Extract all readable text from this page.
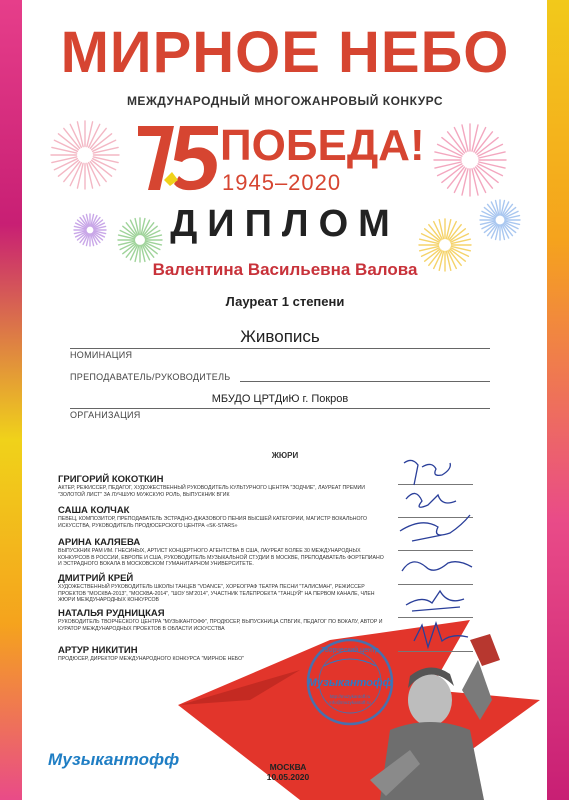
МИРНОЕ НЕБО
МЕЖДУНАРОДНЫЙ МНОГОЖАНРОВЫЙ КОНКУРС
ПОБЕДА!
1945–2020
ДИПЛОМ
Валентина Васильевна Валова
Лауреат 1 степени
Живопись
НОМИНАЦИЯ
ПРЕПОДАВАТЕЛЬ/РУКОВОДИТЕЛЬ
МБУДО ЦРТДиЮ г. Покров
ОРГАНИЗАЦИЯ
ЖЮРИ
ГРИГОРИЙ КОКОТКИН
АКТЕР, РЕЖИССЕР, ПЕДАГОГ, ХУДОЖЕСТВЕННЫЙ РУКОВОДИТЕЛЬ КУЛЬТУРНОГО ЦЕНТРА "ЗОДЧИЕ", ЛАУРЕАТ ПРЕМИИ "ЗОЛОТОЙ ЛИСТ" ЗА ЛУЧШУЮ МУЖСКУЮ РОЛЬ, ВЫПУСКНИК ВГИК
САША КОЛЧАК
ПЕВЕЦ, КОМПОЗИТОР, ПРЕПОДАВАТЕЛЬ ЭСТРАДНО-ДЖАЗОВОГО ПЕНИЯ ВЫСШЕЙ КАТЕГОРИИ, МАГИСТР ВОКАЛЬНОГО ИСКУССТВА, РУКОВОДИТЕЛЬ ПРОДЮСЕРСКОГО ЦЕНТРА «SK-STARS»
АРИНА КАЛЯЕВА
ВЫПУСКНИК РАМ ИМ. ГНЕСИНЫХ, АРТИСТ КОНЦЕРТНОГО АГЕНТСТВА В США, ЛАУРЕАТ БОЛЕЕ 30 МЕЖДУНАРОДНЫХ КОНКУРСОВ В РОССИИ, ЕВРОПЕ И США, РУКОВОДИТЕЛЬ МУЗЫКАЛЬНОЙ СТУДИИ В МОСКВЕ, ПРЕПОДАВАТЕЛЬ ФОРТЕПИАНО И ЭСТРАДНОГО ВОКАЛА В МОСКОВСКОМ ГУМАНИТАРНОМ УНИВЕРСИТЕТЕ.
ДМИТРИЙ КРЕЙ
ХУДОЖЕСТВЕННЫЙ РУКОВОДИТЕЛЬ ШКОЛЫ ТАНЦЕВ "VDANCE", ХОРЕОГРАФ ТЕАТРА ПЕСНИ "ТАЛИСМАН", РЕЖИССЕР ПРОЕКТОВ "МОСКВА-2013", "МОСКВА-2014", "ШОУ 5М'2014", УЧАСТНИК ТЕЛЕПРОЕКТА "ТАНЦУЙ" НА ПЕРВОМ КАНАЛЕ, ЧЛЕН ЖЮРИ МЕЖДУНАРОДНЫХ КОНКУРСОВ
НАТАЛЬЯ РУДНИЦКАЯ
РУКОВОДИТЕЛЬ ТВОРЧЕСКОГО ЦЕНТРА "МУЗЫКАНТОФФ", ПРОДЮСЕР, ВЫПУСКНИЦА СПБГИК, ПЕДАГОГ ПО ВОКАЛУ, АВТОР И КУРАТОР МЕЖДУНАРОДНЫХ ПРОЕКТОВ В ОБЛАСТИ ИСКУССТВА
АРТУР НИКИТИН
ПРОДЮСЕР, ДИРЕКТОР МЕЖДУНАРОДНОГО КОНКУРСА "МИРНОЕ НЕБО"
Творческий центр
Музыкантофф
http://muzykantoff.ru
info@muzykantoff.ru
Музыкантофф	МОСКВА
10.05.2020
